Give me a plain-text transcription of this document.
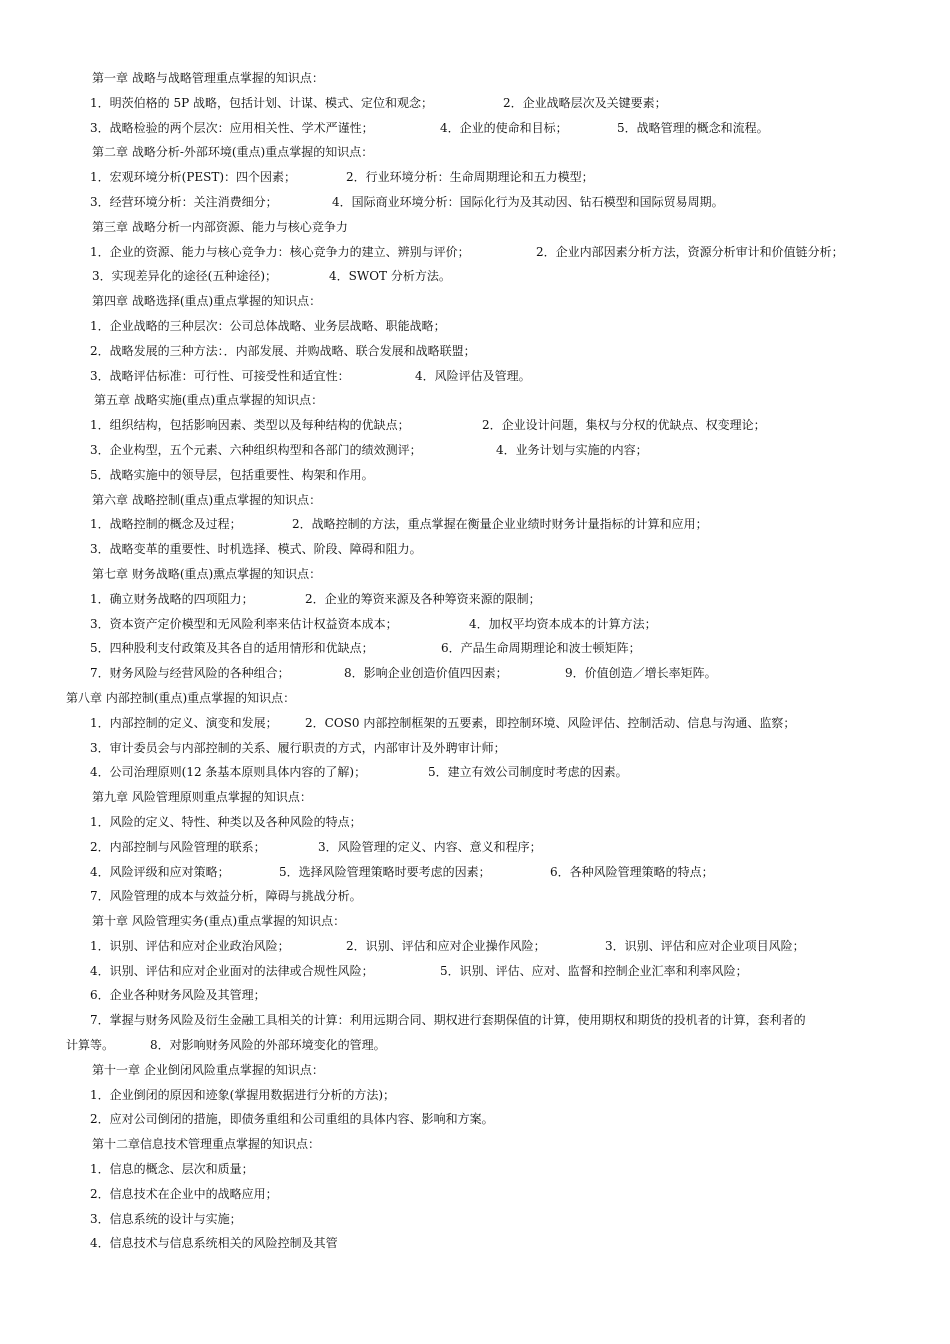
第一章 战略与战略管理重点掌握的知识点：
1．明茨伯格的 5P 战略，包括计划、计谋、模式、定位和观念；	2．企业战略层次及关键要素；
3．战略检验的两个层次：应用相关性、学术严谨性；	4．企业的使命和目标；	5．战略管理的概念和流程。
第二章 战略分析-外部环境(重点)重点掌握的知识点：
1．宏观环境分析(PEST)：四个因素；	2．行业环境分析：生命周期理论和五力模型；
3．经营环境分析：关注消费细分；	4．国际商业环境分析：国际化行为及其动因、钻石模型和国际贸易周期。
第三章 战略分析一内部资源、能力与核心竞争力
1．企业的资源、能力与核心竞争力：核心竞争力的建立、辨别与评价；	2．企业内部因素分析方法，资源分析审计和价值链分析；
3．实现差异化的途径(五种途径)；	4．SWOT 分析方法。
第四章 战略选择(重点)重点掌握的知识点：
1．企业战略的三种层次：公司总体战略、业务层战略、职能战略；
2．战略发展的三种方法：．内部发展、并购战略、联合发展和战略联盟；
3．战略评估标准：可行性、可接受性和适宜性：	4．风险评估及管理。
第五章 战略实施(重点)重点掌握的知识点：
1．组织结构，包括影响因素、类型以及每种结构的优缺点；	2．企业设计问题，集权与分权的优缺点、权变理论；
3．企业构型，五个元素、六种组织构型和各部门的绩效测评；	4．业务计划与实施的内容；
5．战略实施中的领导层，包括重要性、构架和作用。
第六章 战略控制(重点)重点掌握的知识点：
1．战略控制的概念及过程；	2．战略控制的方法，重点掌握在衡量企业业绩时财务计量指标的计算和应用；
3．战略变革的重要性、时机选择、模式、阶段、障碍和阻力。
第七章 财务战略(重点)熏点掌握的知识点：
1．确立财务战略的四项阻力；	2．企业的筹资来源及各种筹资来源的限制；
3．资本资产定价模型和无风险利率来估计权益资本成本；	4．加权平均资本成本的计算方法；
5．四种股利支付政策及其各自的适用情形和优缺点；	6．产品生命周期理论和波士顿矩阵；
7．财务风险与经营风险的各种组合；	8．影响企业创造价值四因素；	9．价值创造／增长率矩阵。
第八章 内部控制(重点)重点掌握的知识点：
1．内部控制的定义、演变和发展； 2．COS0 内部控制框架的五要素，即控制环境、风险评估、控制活动、信息与沟通、监察；
3．审计委员会与内部控制的关系、履行职责的方式，内部审计及外聘审计师；
4．公司治理原则(12 条基本原则具体内容的了解)；	5．建立有效公司制度时考虑的因素。
第九章 风险管理原则重点掌握的知识点：
1．风险的定义、特性、种类以及各种风险的特点；
2．内部控制与风险管理的联系；	3．风险管理的定义、内容、意义和程序；
4．风险评级和应对策略；	5．选择风险管理策略时要考虑的因素；	6．各种风险管理策略的特点；
7．风险管理的成本与效益分析，障碍与挑战分析。
第十章 风险管理实务(重点)重点掌握的知识点：
1．识别、评估和应对企业政治风险；	2．识别、评估和应对企业操作风险；	3．识别、评估和应对企业项目风险；
4．识别、评估和应对企业面对的法律或合规性风险；	5．识别、评估、应对、监督和控制企业汇率和利率风险；
6．企业各种财务风险及其管理；
7．掌握与财务风险及衍生金融工具相关的计算：利用远期合同、期权进行套期保值的计算，使用期权和期货的投机者的计算，套利者的
计算等。	8．对影响财务风险的外部环境变化的管理。
第十一章 企业倒闭风险重点掌握的知识点：
1．企业倒闭的原因和迹象(掌握用数据进行分析的方法)；
2．应对公司倒闭的措施，即债务重组和公司重组的具体内容、影响和方案。
第十二章信息技术管理重点掌握的知识点：
1．信息的概念、层次和质量；
2．信息技术在企业中的战略应用；
3．信息系统的设计与实施；
4．信息技术与信息系统相关的风险控制及其管
